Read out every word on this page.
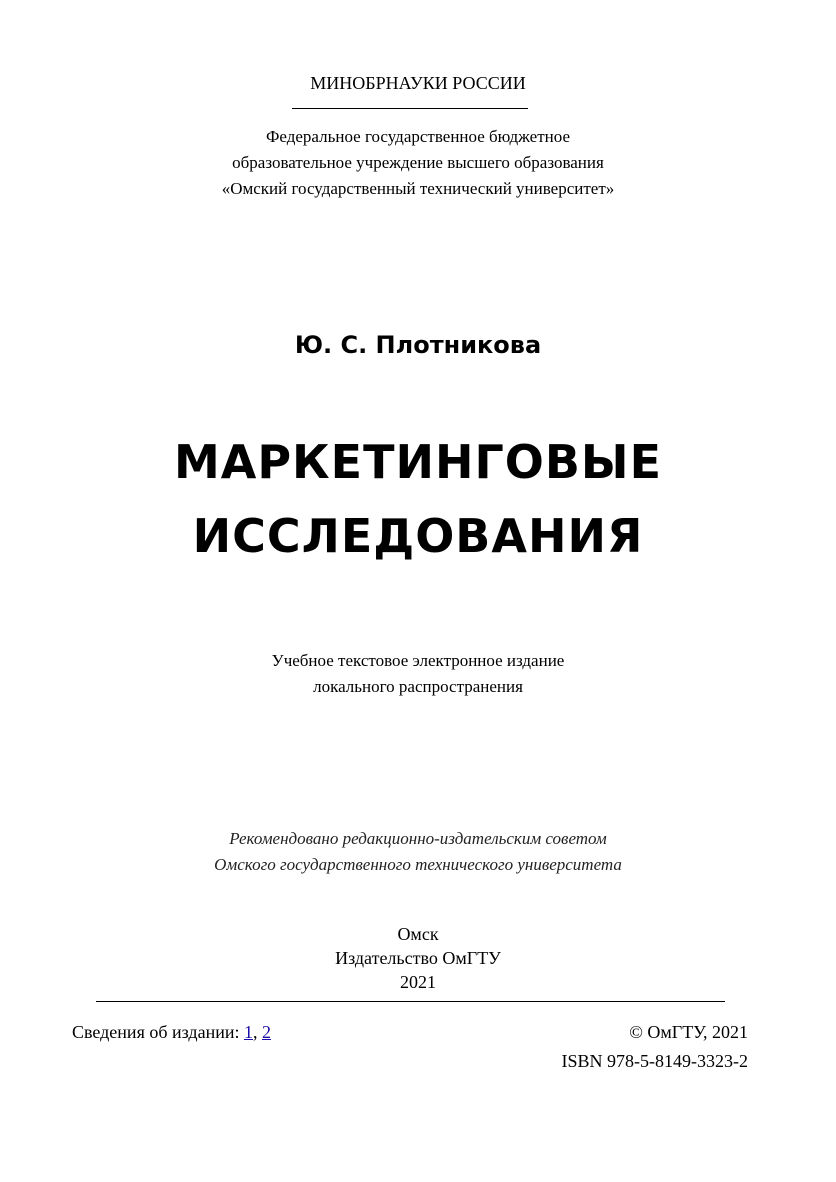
МИНОБРНАУКИ РОССИИ
Федеральное государственное бюджетное
образовательное учреждение высшего образования
«Омский государственный технический университет»
Ю. С. Плотникова
МАРКЕТИНГОВЫЕ
ИССЛЕДОВАНИЯ
Учебное текстовое электронное издание
локального распространения
Рекомендовано редакционно-издательским советом
Омского государственного технического университета
Омск
Издательство ОмГТУ
2021
Сведения об издании: 1, 2	© ОмГТУ, 2021
ISBN 978-5-8149-3323-2
